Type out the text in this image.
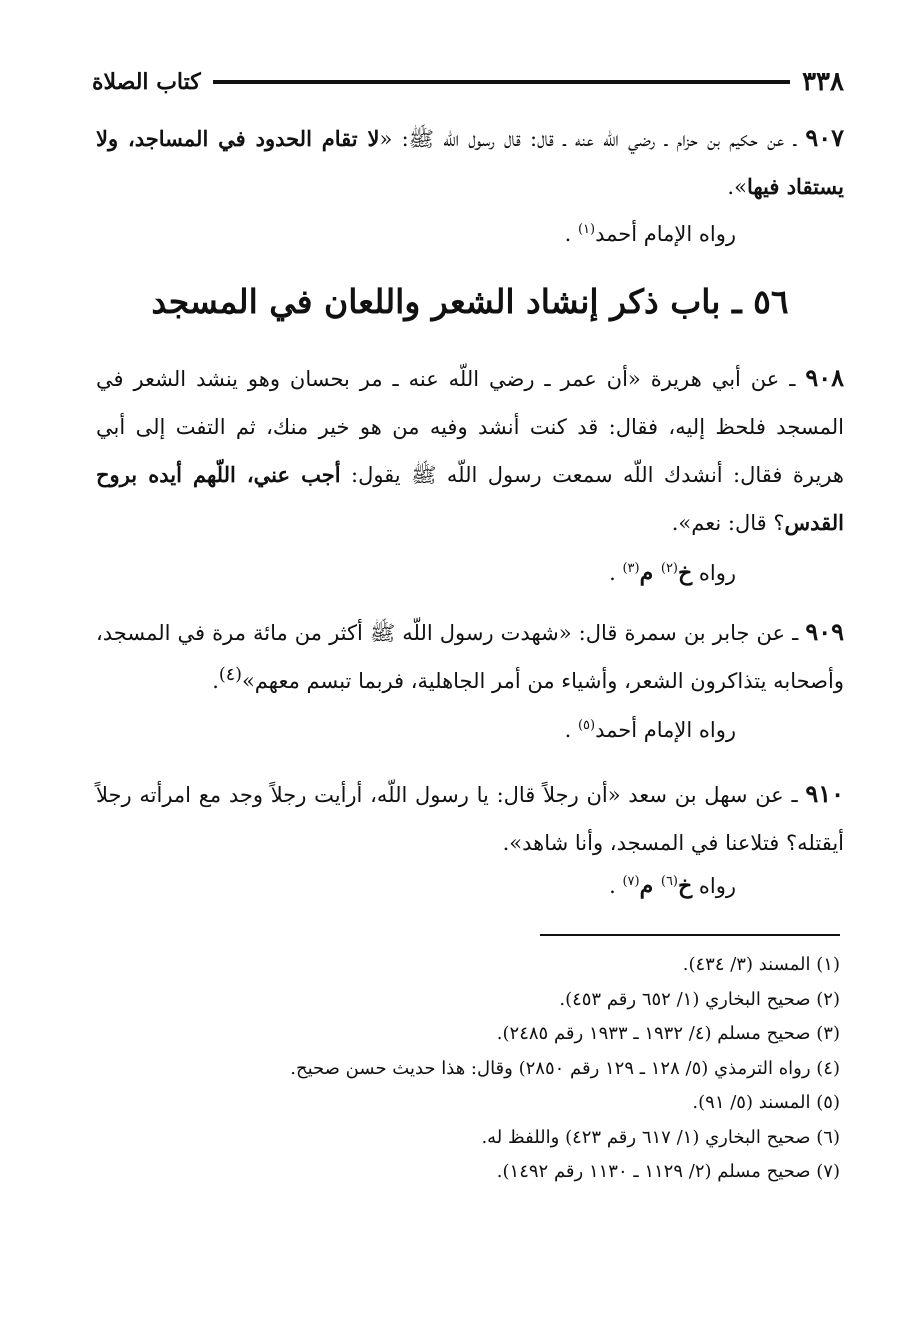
٣٣٨
كتاب الصلاة
٩٠٧ ـ عن حكيم بن حزام ـ رضي اللّه عنه ـ قال: قال رسول اللّه ﷺ: «لا تقام الحدود في المساجد، ولا يستقاد فيها».
رواه الإمام أحمد$^{(١)}$ .
٥٦ ـ باب ذكر إنشاد الشعر واللعان في المسجد
٩٠٨ ـ عن أبي هريرة «أن عمر ـ رضي اللّه عنه ـ مر بحسان وهو ينشد الشعر في المسجد فلحظ إليه، فقال: قد كنت أنشد وفيه من هو خير منك، ثم التفت إلى أبي هريرة فقال: أنشدك اللّه سمعت رسول اللّه ﷺ يقول: أجب عني، اللّهم أيده بروح القدس؟ قال: نعم».
رواه خ$^{(٢)}$ م$^{(٣)}$ .
٩٠٩ ـ عن جابر بن سمرة قال: «شهدت رسول اللّه ﷺ أكثر من مائة مرة في المسجد، وأصحابه يتذاكرون الشعر، وأشياء من أمر الجاهلية، فربما تبسم معهم»$^{(٤)}$.
رواه الإمام أحمد$^{(٥)}$ .
٩١٠ ـ عن سهل بن سعد «أن رجلاً قال: يا رسول اللّه، أرأيت رجلاً وجد مع امرأته رجلاً أيقتله؟ فتلاعنا في المسجد، وأنا شاهد».
رواه خ$^{(٦)}$ م$^{(٧)}$ .
(١) المسند (٣/ ٤٣٤).
(٢) صحيح البخاري (١/ ٦٥٢ رقم ٤٥٣).
(٣) صحيح مسلم (٤/ ١٩٣٢ ـ ١٩٣٣ رقم ٢٤٨٥).
(٤) رواه الترمذي (٥/ ١٢٨ ـ ١٢٩ رقم ٢٨٥٠) وقال: هذا حديث حسن صحيح.
(٥) المسند (٥/ ٩١).
(٦) صحيح البخاري (١/ ٦١٧ رقم ٤٢٣) واللفظ له.
(٧) صحيح مسلم (٢/ ١١٢٩ ـ ١١٣٠ رقم ١٤٩٢).
